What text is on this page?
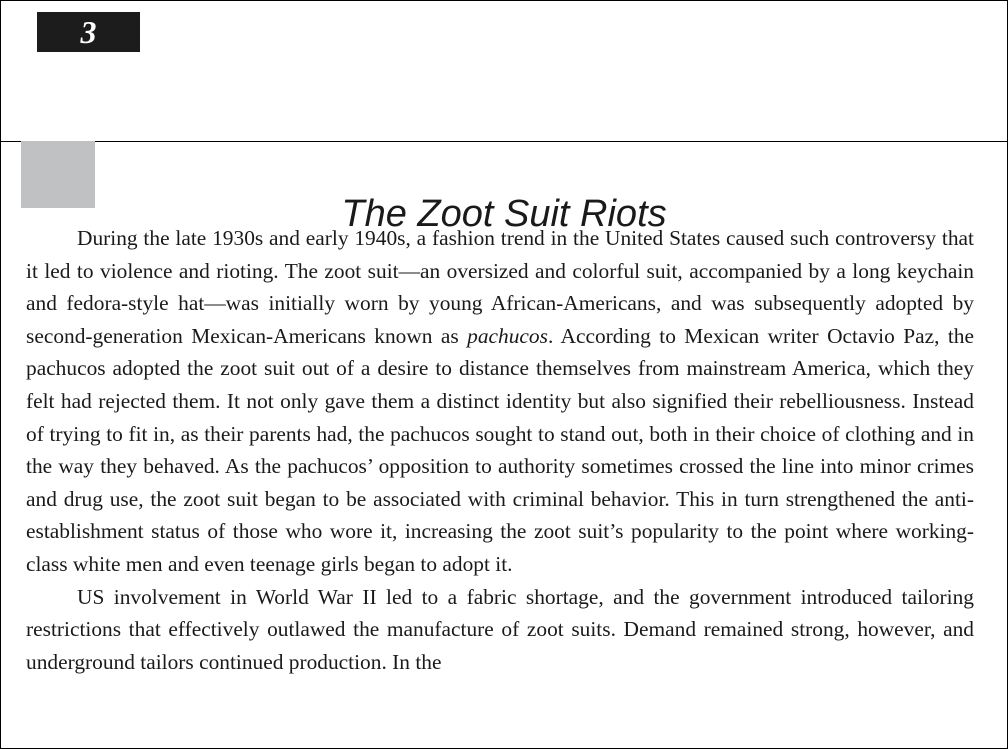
3
The Zoot Suit Riots

During the late 1930s and early 1940s, a fashion trend in the United States caused such controversy that it led to violence and rioting. The zoot suit—an oversized and colorful suit, accompanied by a long keychain and fedora-style hat—was initially worn by young African-Americans, and was subsequently adopted by second-generation Mexican-Americans known as pachucos. According to Mexican writer Octavio Paz, the pachucos adopted the zoot suit out of a desire to distance themselves from mainstream America, which they felt had rejected them. It not only gave them a distinct identity but also signified their rebelliousness. Instead of trying to fit in, as their parents had, the pachucos sought to stand out, both in their choice of clothing and in the way they behaved. As the pachucos’ opposition to authority sometimes crossed the line into minor crimes and drug use, the zoot suit began to be associated with criminal behavior. This in turn strengthened the anti-establishment status of those who wore it, increasing the zoot suit’s popularity to the point where working-class white men and even teenage girls began to adopt it.

US involvement in World War II led to a fabric shortage, and the government introduced tailoring restrictions that effectively outlawed the manufacture of zoot suits. Demand remained strong, however, and underground tailors continued production. In the
